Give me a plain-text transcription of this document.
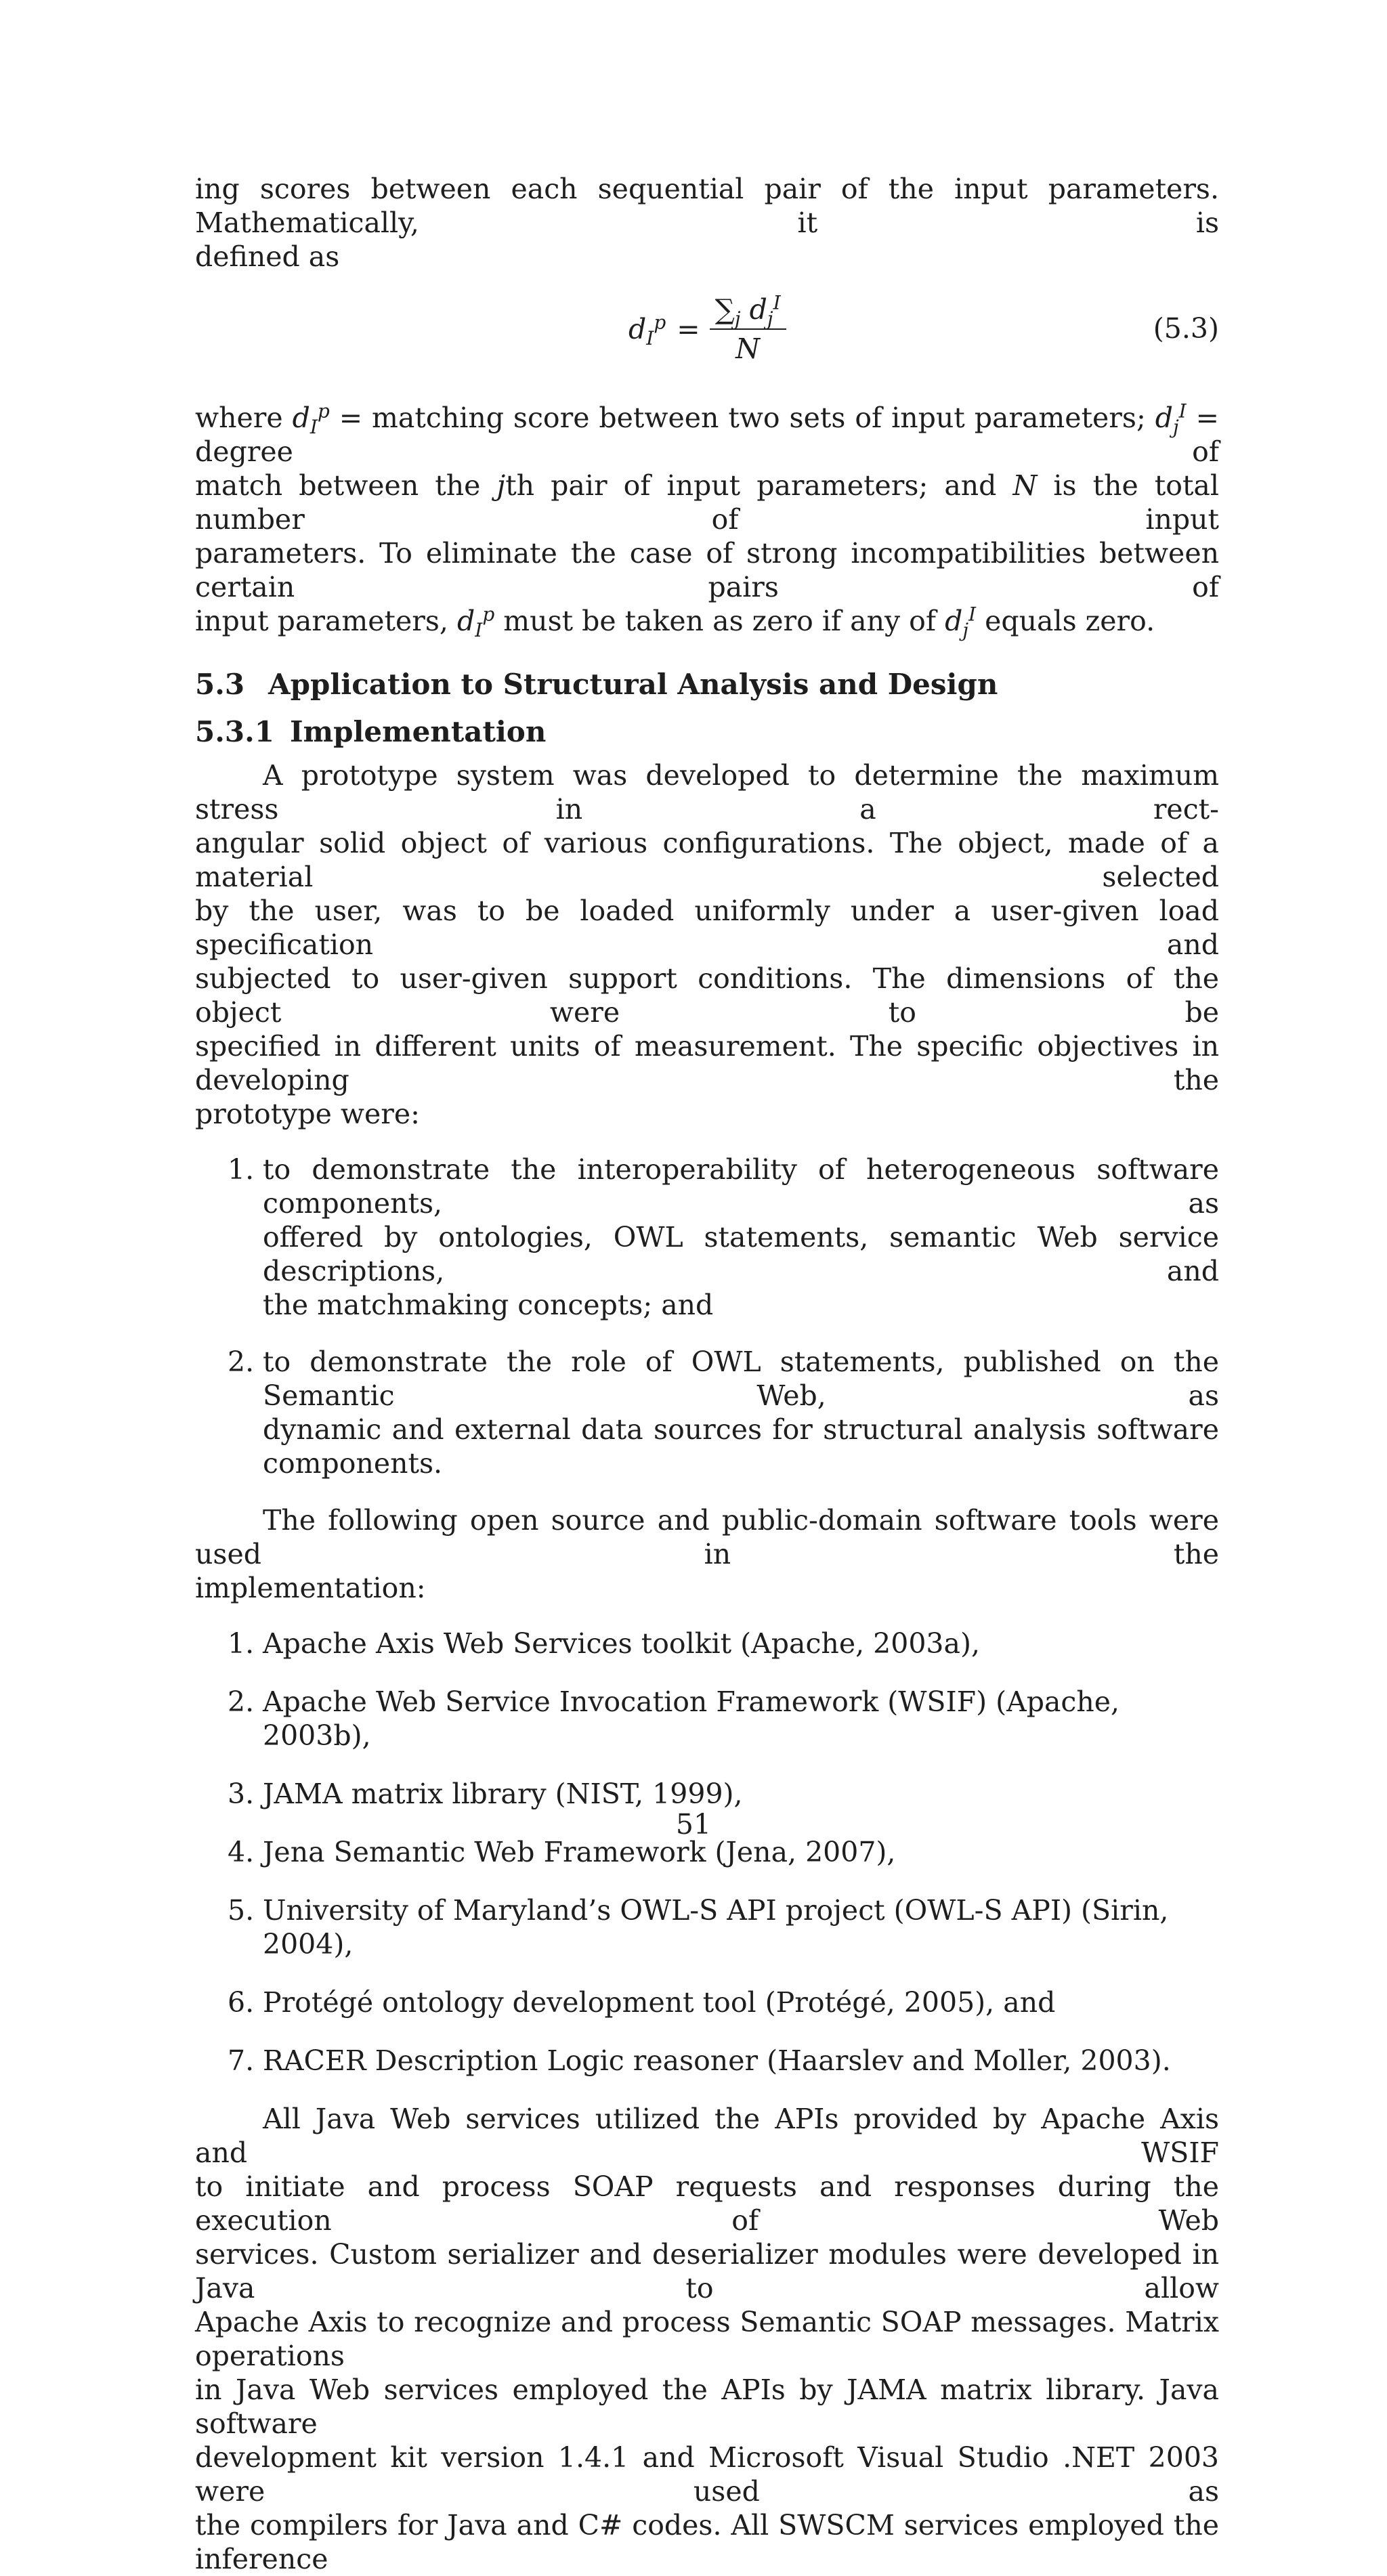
ing scores between each sequential pair of the input parameters. Mathematically, it is
defined as
$d_I^p = \frac{\sum_j d_j^I}{N}$	(5.3)
where $d_I^p$ = matching score between two sets of input parameters; $d_j^I$ = degree of
match between the jth pair of input parameters; and N is the total number of input
parameters. To eliminate the case of strong incompatibilities between certain pairs of
input parameters, $d_I^p$ must be taken as zero if any of $d_j^I$ equals zero.
5.3 Application to Structural Analysis and Design
5.3.1 Implementation
A prototype system was developed to determine the maximum stress in a rect-
angular solid object of various configurations. The object, made of a material selected
by the user, was to be loaded uniformly under a user-given load specification and
subjected to user-given support conditions. The dimensions of the object were to be
specified in different units of measurement. The specific objectives in developing the
prototype were:
1. to demonstrate the interoperability of heterogeneous software components, as
offered by ontologies, OWL statements, semantic Web service descriptions, and
the matchmaking concepts; and
2. to demonstrate the role of OWL statements, published on the Semantic Web, as
dynamic and external data sources for structural analysis software components.
The following open source and public-domain software tools were used in the
implementation:
1. Apache Axis Web Services toolkit (Apache, 2003a),
2. Apache Web Service Invocation Framework (WSIF) (Apache, 2003b),
3. JAMA matrix library (NIST, 1999),
4. Jena Semantic Web Framework (Jena, 2007),
5. University of Maryland’s OWL-S API project (OWL-S API) (Sirin, 2004),
6. Protégé ontology development tool (Protégé, 2005), and
7. RACER Description Logic reasoner (Haarslev and Moller, 2003).
All Java Web services utilized the APIs provided by Apache Axis and WSIF
to initiate and process SOAP requests and responses during the execution of Web
services. Custom serializer and deserializer modules were developed in Java to allow
Apache Axis to recognize and process Semantic SOAP messages. Matrix operations
in Java Web services employed the APIs by JAMA matrix library. Java software
development kit version 1.4.1 and Microsoft Visual Studio .NET 2003 were used as
the compilers for Java and C# codes. All SWSCM services employed the inference
51
